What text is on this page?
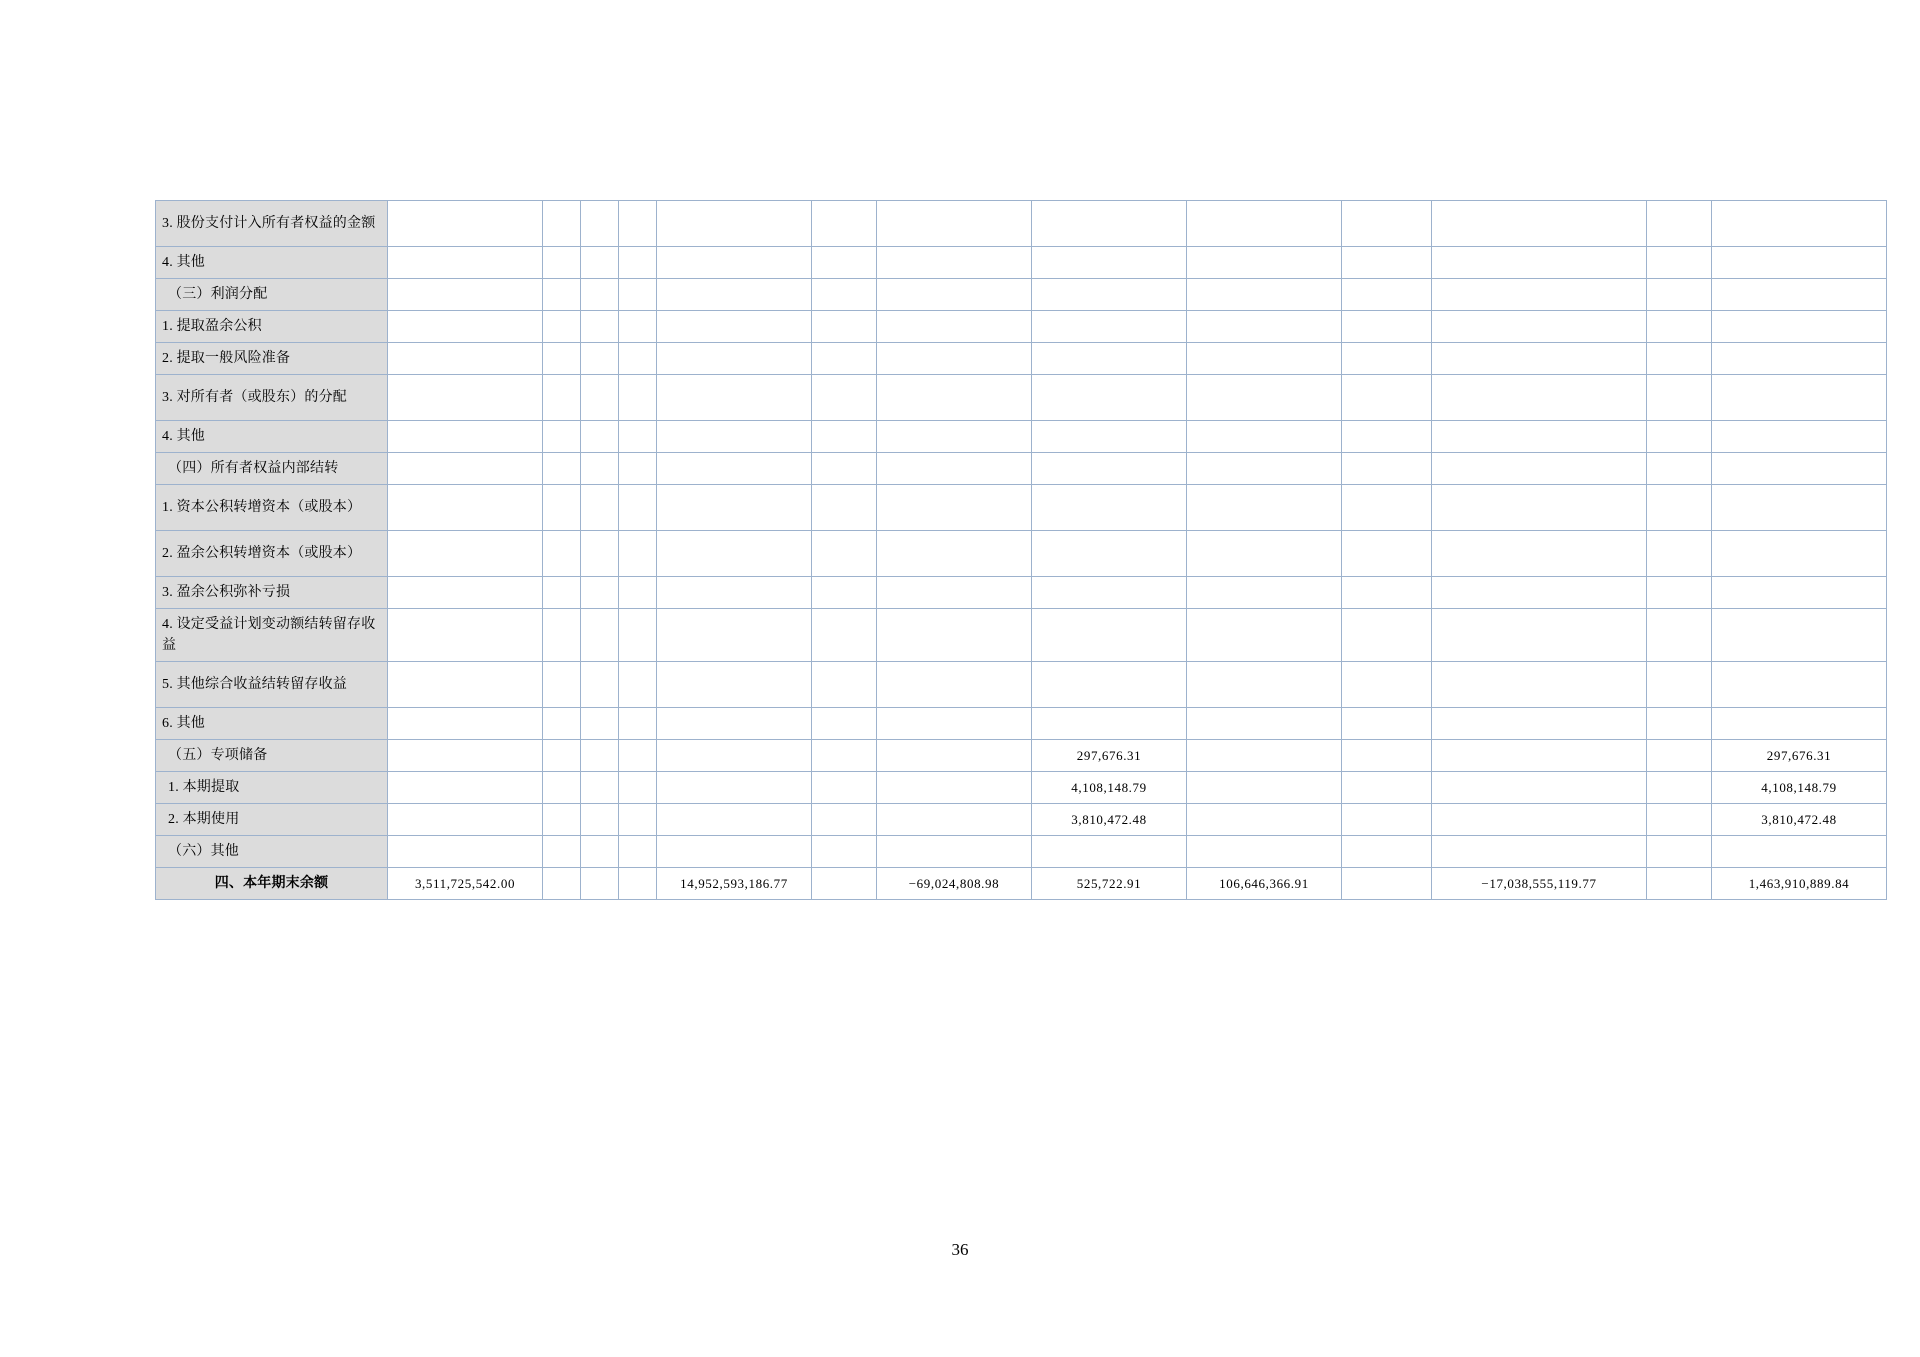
3. 股份支付计入所有者权益的金额													
4. 其他													
（三）利润分配													
1. 提取盈余公积													
2. 提取一般风险准备													
3. 对所有者（或股东）的分配													
4. 其他													
（四）所有者权益内部结转													
1. 资本公积转增资本（或股本）													
2. 盈余公积转增资本（或股本）													
3. 盈余公积弥补亏损													
4. 设定受益计划变动额结转留存收益													
5. 其他综合收益结转留存收益													
6. 其他													
（五）专项储备								297,676.31					297,676.31
1. 本期提取								4,108,148.79					4,108,148.79
2. 本期使用								3,810,472.48					3,810,472.48
（六）其他													
四、本年期末余额	3,511,725,542.00				14,952,593,186.77		−69,024,808.98	525,722.91	106,646,366.91		−17,038,555,119.77		1,463,910,889.84
36
